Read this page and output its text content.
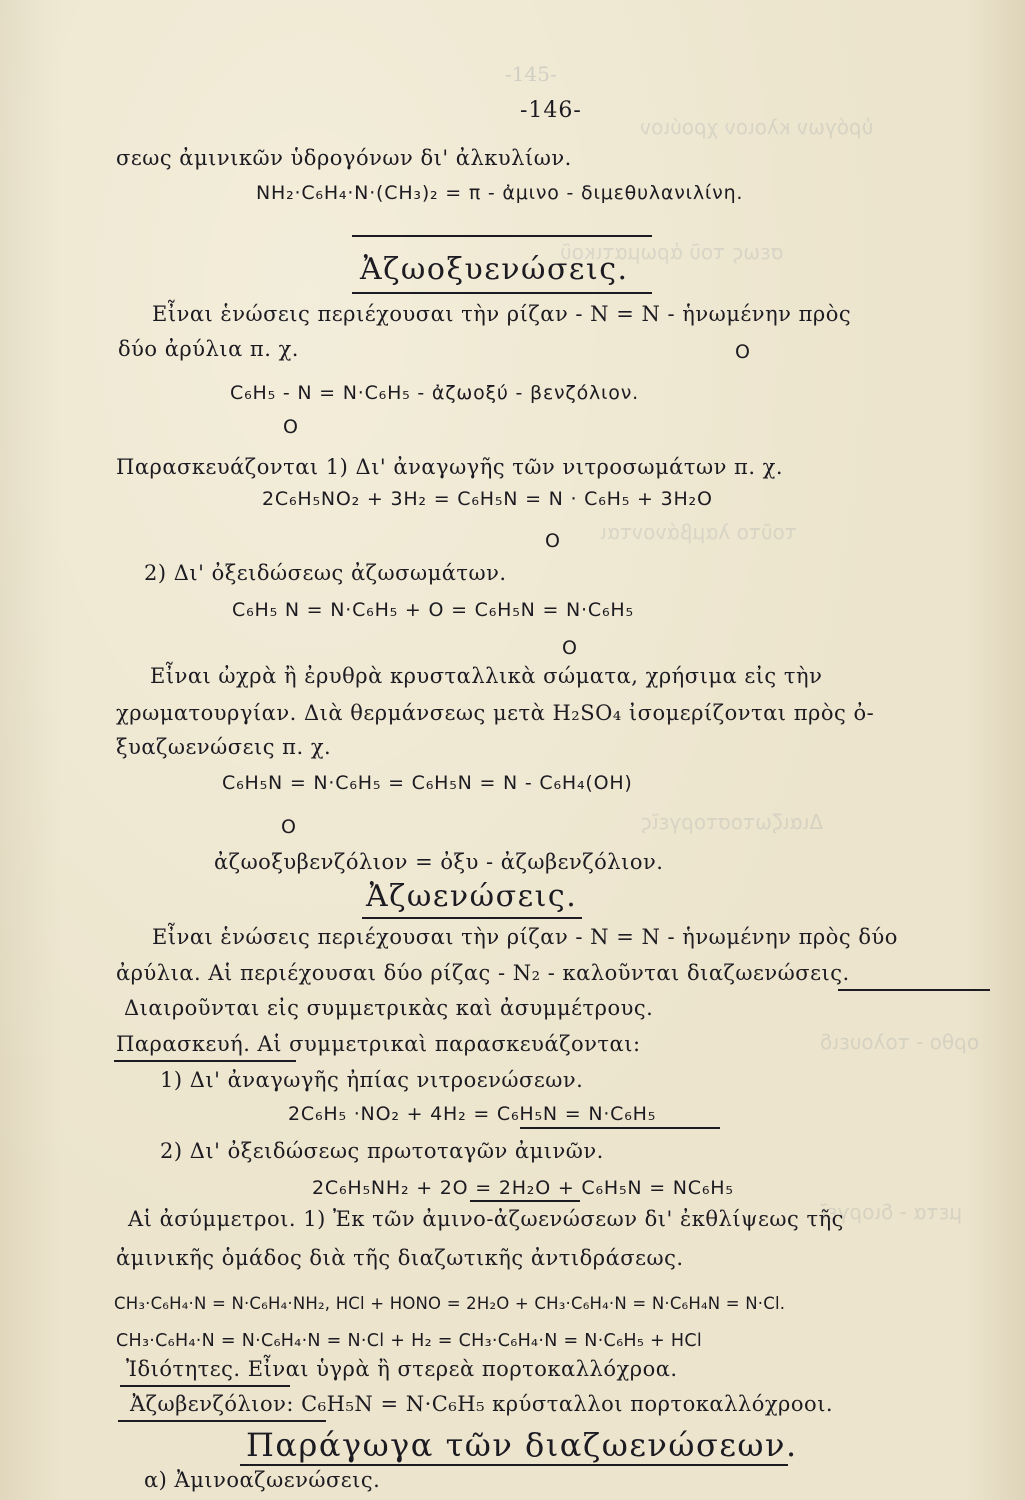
-145-
ὑρόγων κλοιον χρούιον
σεως τοῦ ἀρωματικοῦ
τοῦτο λαμβάνονται
Διαιζωτοστοργεῖς
ορθο - τολουειδ
μετα - διοργεῖ
-146-
σεως ἀμινικῶν ὑδρογόνων δι' ἀλκυλίων.
NH₂·C₆H₄·N·(CH₃)₂ = π - ἀμινο - διμεθυλανιλίνη.
Ἀζωοξυενώσεις.
Εἶναι ἑνώσεις περιέχουσαι τὴν ρίζαν - N = N - ἡνωμένην πρὸς
O
δύο ἀρύλια π. χ.
C₆H₅ - N = N·C₆H₅ - ἀζωοξύ - βενζόλιον.
O
Παρασκευάζονται 1) Δι' ἀναγωγῆς τῶν νιτροσωμάτων π. χ.
2C₆H₅NO₂ + 3H₂ = C₆H₅N = N · C₆H₅ + 3H₂O
O
2) Δι' ὀξειδώσεως ἀζωσωμάτων.
C₆H₅ N = N·C₆H₅ + O = C₆H₅N = N·C₆H₅
O
Εἶναι ὠχρὰ ἢ ἐρυθρὰ κρυσταλλικὰ σώματα, χρήσιμα εἰς τὴν
χρωματουργίαν. Διὰ θερμάνσεως μετὰ H₂SO₄ ἰσομερίζονται πρὸς ὀ-
ξυαζωενώσεις π. χ.
C₆H₅N = N·C₆H₅ = C₆H₅N = N - C₆H₄(OH)
O
ἀζωοξυβενζόλιον = ὀξυ - ἀζωβενζόλιον.
Ἀζωενώσεις.
Εἶναι ἑνώσεις περιέχουσαι τὴν ρίζαν - N = N - ἡνωμένην πρὸς δύο
ἀρύλια. Αἱ περιέχουσαι δύο ρίζας - N₂ - καλοῦνται διαζωενώσεις.
Διαιροῦνται εἰς συμμετρικὰς καὶ ἀσυμμέτρους.
Παρασκευή. Αἱ συμμετρικαὶ παρασκευάζονται:
1) Δι' ἀναγωγῆς ἠπίας νιτροενώσεων.
2C₆H₅ ·NO₂ + 4H₂ = C₆H₅N = N·C₆H₅
2) Δι' ὀξειδώσεως πρωτοταγῶν ἀμινῶν.
2C₆H₅NH₂ + 2O = 2H₂O + C₆H₅N = NC₆H₅
Αἱ ἀσύμμετροι. 1) Ἐκ τῶν ἀμινο-ἀζωενώσεων δι' ἐκθλίψεως τῆς
ἀμινικῆς ὁμάδος διὰ τῆς διαζωτικῆς ἀντιδράσεως.
CH₃·C₆H₄·N = N·C₆H₄·NH₂, HCl + HONO = 2H₂O + CH₃·C₆H₄·N = N·C₆H₄N = N·Cl.
CH₃·C₆H₄·N = N·C₆H₄·N = N·Cl + H₂ = CH₃·C₆H₄·N = N·C₆H₅ + HCl
Ἰδιότητες. Εἶναι ὑγρὰ ἢ στερεὰ πορτοκαλλόχροα.
Ἀζωβενζόλιον: C₆H₅N = N·C₆H₅ κρύσταλλοι πορτοκαλλόχροοι.
Παράγωγα τῶν διαζωενώσεων.
α) Ἀμινοαζωενώσεις.
